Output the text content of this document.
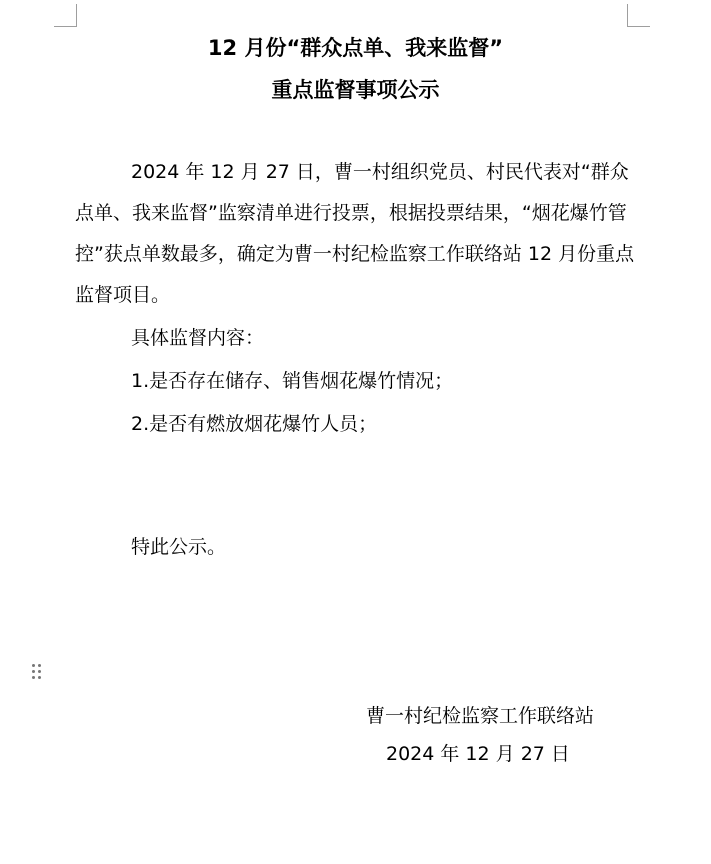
12 月份“群众点单、我来监督”
重点监督事项公示
2024 年 12 月 27 日，曹一村组织党员、村民代表对“群众点单、我来监督”监察清单进行投票，根据投票结果，“烟花爆竹管控”获点单数最多，确定为曹一村纪检监察工作联络站 12 月份重点监督项目。
具体监督内容：
1.是否存在储存、销售烟花爆竹情况；
2.是否有燃放烟花爆竹人员；
特此公示。
曹一村纪检监察工作联络站
2024 年 12 月 27 日
